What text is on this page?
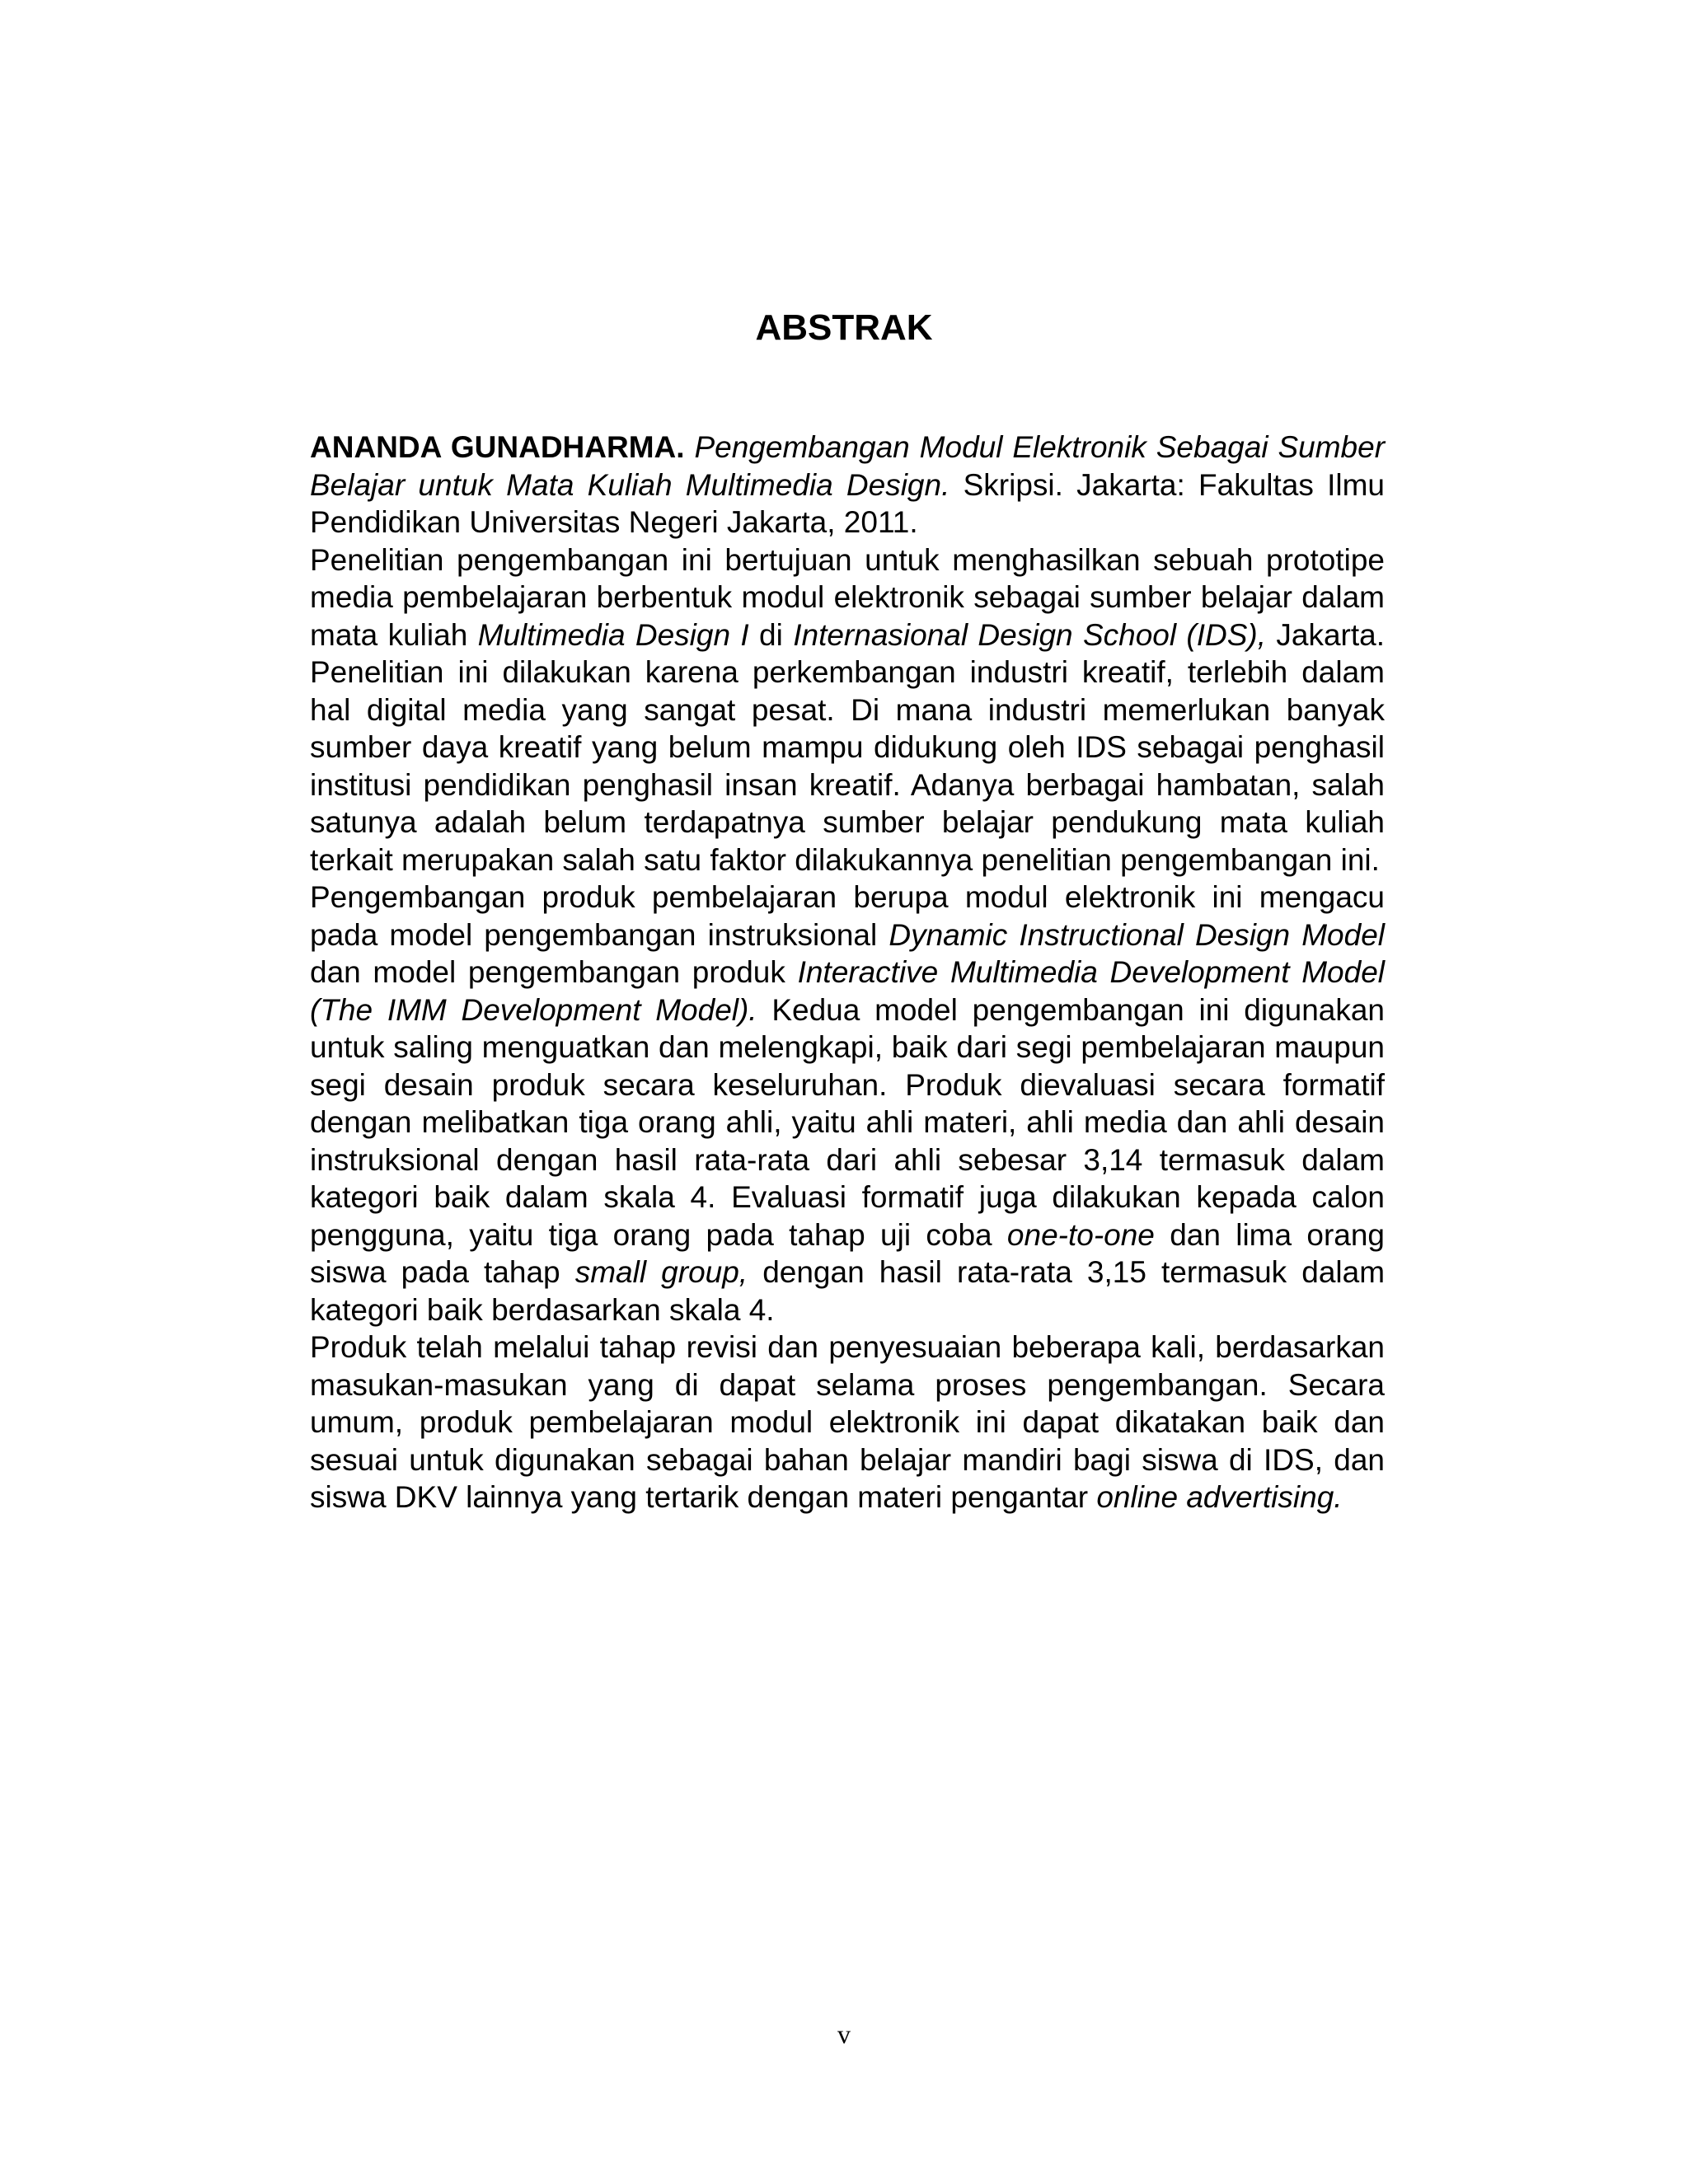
ABSTRAK

ANANDA GUNADHARMA. Pengembangan Modul Elektronik Sebagai Sumber Belajar untuk Mata Kuliah Multimedia Design. Skripsi. Jakarta: Fakultas Ilmu Pendidikan Universitas Negeri Jakarta, 2011.

Penelitian pengembangan ini bertujuan untuk menghasilkan sebuah prototipe media pembelajaran berbentuk modul elektronik sebagai sumber belajar dalam mata kuliah Multimedia Design I di Internasional Design School (IDS), Jakarta. Penelitian ini dilakukan karena perkembangan industri kreatif, terlebih dalam hal digital media yang sangat pesat. Di mana industri memerlukan banyak sumber daya kreatif yang belum mampu didukung oleh IDS sebagai penghasil institusi pendidikan penghasil insan kreatif. Adanya berbagai hambatan, salah satunya adalah belum terdapatnya sumber belajar pendukung mata kuliah terkait merupakan salah satu faktor dilakukannya penelitian pengembangan ini.

Pengembangan produk pembelajaran berupa modul elektronik ini mengacu pada model pengembangan instruksional Dynamic Instructional Design Model dan model pengembangan produk Interactive Multimedia Development Model (The IMM Development Model). Kedua model pengembangan ini digunakan untuk saling menguatkan dan melengkapi, baik dari segi pembelajaran maupun segi desain produk secara keseluruhan. Produk dievaluasi secara formatif dengan melibatkan tiga orang ahli, yaitu ahli materi, ahli media dan ahli desain instruksional dengan hasil rata-rata dari ahli sebesar 3,14 termasuk dalam kategori baik dalam skala 4. Evaluasi formatif juga dilakukan kepada calon pengguna, yaitu tiga orang pada tahap uji coba one-to-one dan lima orang siswa pada tahap small group, dengan hasil rata-rata 3,15 termasuk dalam kategori baik berdasarkan skala 4.

Produk telah melalui tahap revisi dan penyesuaian beberapa kali, berdasarkan masukan-masukan yang di dapat selama proses pengembangan. Secara umum, produk pembelajaran modul elektronik ini dapat dikatakan baik dan sesuai untuk digunakan sebagai bahan belajar mandiri bagi siswa di IDS, dan siswa DKV lainnya yang tertarik dengan materi pengantar online advertising.

v
